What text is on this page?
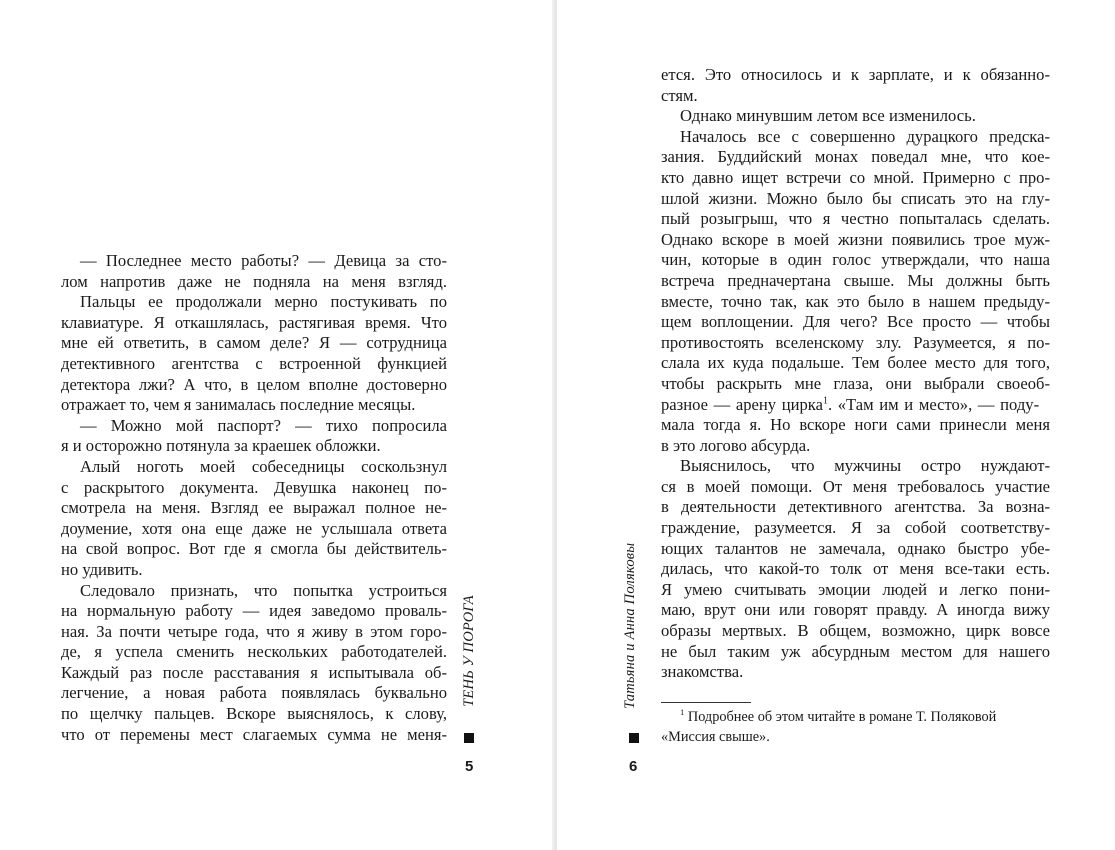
— Последнее место работы? — Девица за сто-
лом напротив даже не подняла на меня взгляд.
Пальцы ее продолжали мерно постукивать по
клавиатуре. Я откашлялась, растягивая время. Что
мне ей ответить, в самом деле? Я — сотрудница
детективного агентства с встроенной функцией
детектора лжи? А что, в целом вполне достоверно
отражает то, чем я занималась последние месяцы.
— Можно мой паспорт? — тихо попросила
я и осторожно потянула за краешек обложки.
Алый ноготь моей собеседницы соскользнул
с раскрытого документа. Девушка наконец по-
смотрела на меня. Взгляд ее выражал полное не-
доумение, хотя она еще даже не услышала ответа
на свой вопрос. Вот где я смогла бы действитель-
но удивить.
Следовало признать, что попытка устроиться
на нормальную работу — идея заведомо проваль-
ная. За почти четыре года, что я живу в этом горо-
де, я успела сменить нескольких работодателей.
Каждый раз после расставания я испытывала об-
легчение, а новая работа появлялась буквально
по щелчку пальцев. Вскоре выяснялось, к слову,
что от перемены мест слагаемых сумма не меня-
ТЕНЬ У ПОРОГА
5
ется. Это относилось и к зарплате, и к обязанно-
стям.
Однако минувшим летом все изменилось.
Началось все с совершенно дурацкого предска-
зания. Буддийский монах поведал мне, что кое-
кто давно ищет встречи со мной. Примерно с про-
шлой жизни. Можно было бы списать это на глу-
пый розыгрыш, что я честно попыталась сделать.
Однако вскоре в моей жизни появились трое муж-
чин, которые в один голос утверждали, что наша
встреча предначертана свыше. Мы должны быть
вместе, точно так, как это было в нашем предыду-
щем воплощении. Для чего? Все просто — чтобы
противостоять вселенскому злу. Разумеется, я по-
слала их куда подальше. Тем более место для того,
чтобы раскрыть мне глаза, они выбрали своеоб-
разное — арену цирка$^1$. «Там им и место», — поду-
мала тогда я. Но вскоре ноги сами принесли меня
в это логово абсурда.
Выяснилось, что мужчины остро нуждают-
ся в моей помощи. От меня требовалось участие
в деятельности детективного агентства. За возна-
граждение, разумеется. Я за собой соответству-
ющих талантов не замечала, однако быстро убе-
дилась, что какой-то толк от меня все-таки есть.
Я умею считывать эмоции людей и легко пони-
маю, врут они или говорят правду. А иногда вижу
образы мертвых. В общем, возможно, цирк вовсе
не был таким уж абсурдным местом для нашего
знакомства.
$^1$ Подробнее об этом читайте в романе Т. Поляковой
«Миссия свыше».
Татьяна и Анна Поляковы
6
